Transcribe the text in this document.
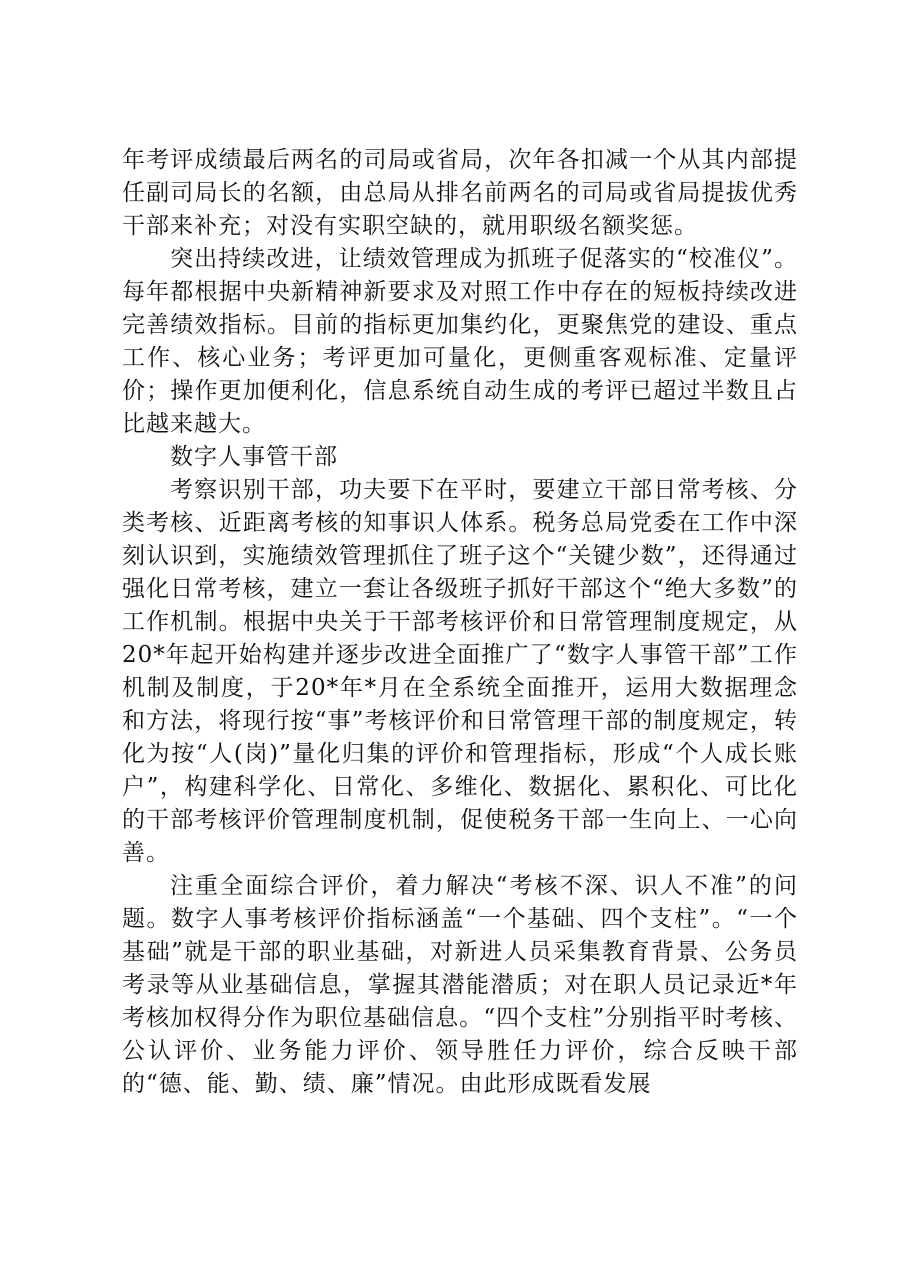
年考评成绩最后两名的司局或省局，次年各扣减一个从其内部提任副司局长的名额，由总局从排名前两名的司局或省局提拔优秀干部来补充；对没有实职空缺的，就用职级名额奖惩。

突出持续改进，让绩效管理成为抓班子促落实的“校准仪”。每年都根据中央新精神新要求及对照工作中存在的短板持续改进完善绩效指标。目前的指标更加集约化，更聚焦党的建设、重点工作、核心业务；考评更加可量化，更侧重客观标准、定量评价；操作更加便利化，信息系统自动生成的考评已超过半数且占比越来越大。

数字人事管干部

考察识别干部，功夫要下在平时，要建立干部日常考核、分类考核、近距离考核的知事识人体系。税务总局党委在工作中深刻认识到，实施绩效管理抓住了班子这个“关键少数”，还得通过强化日常考核，建立一套让各级班子抓好干部这个“绝大多数”的工作机制。根据中央关于干部考核评价和日常管理制度规定，从20*年起开始构建并逐步改进全面推广了“数字人事管干部”工作机制及制度，于20*年*月在全系统全面推开，运用大数据理念和方法，将现行按“事”考核评价和日常管理干部的制度规定，转化为按“人(岗)”量化归集的评价和管理指标，形成“个人成长账户”，构建科学化、日常化、多维化、数据化、累积化、可比化的干部考核评价管理制度机制，促使税务干部一生向上、一心向善。

注重全面综合评价，着力解决“考核不深、识人不准”的问题。数字人事考核评价指标涵盖“一个基础、四个支柱”。“一个基础”就是干部的职业基础，对新进人员采集教育背景、公务员考录等从业基础信息，掌握其潜能潜质；对在职人员记录近*年考核加权得分作为职位基础信息。“四个支柱”分别指平时考核、公认评价、业务能力评价、领导胜任力评价，综合反映干部的“德、能、勤、绩、廉”情况。由此形成既看发展
